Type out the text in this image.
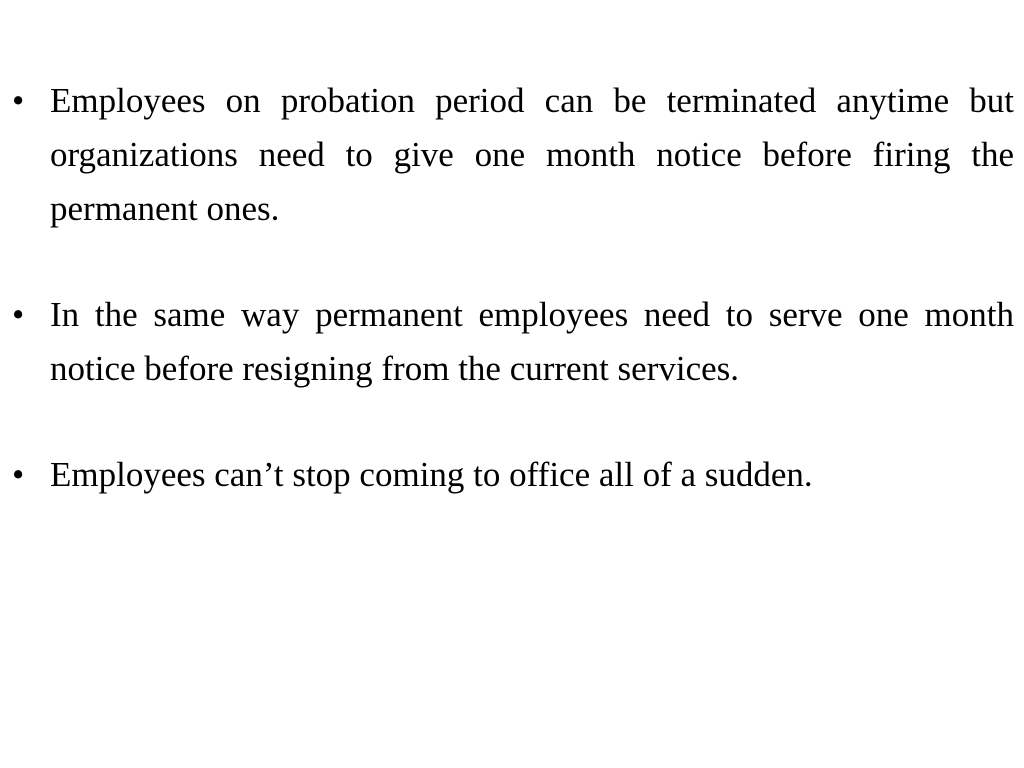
• Employees on probation period can be terminated anytime but organizations need to give one month notice before firing the permanent ones.
• In the same way permanent employees need to serve one month notice before resigning from the current services.
• Employees can’t stop coming to office all of a sudden.
